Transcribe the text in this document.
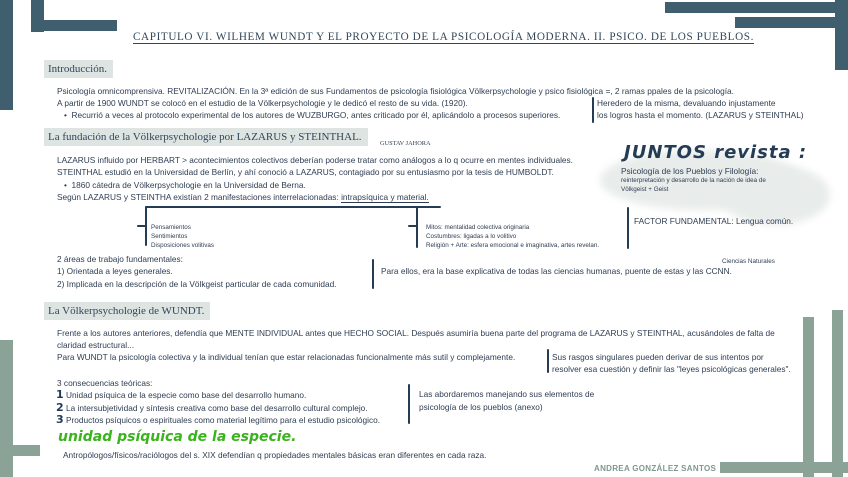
CAPITULO VI. WILHEM WUNDT Y EL PROYECTO DE LA PSICOLOGÍA MODERNA. II. PSICO. DE LOS PUEBLOS.
Introducción.
Psicología omnicomprensiva. REVITALIZACIÓN. En la 3ª edición de sus Fundamentos de psicología fisiológica Völkerpsychologie y psico fisiológica =, 2 ramas ppales de la psicología.
A partir de 1900 WUNDT se colocó en el estudio de la Völkerpsychologie y le dedicó el resto de su vida. (1920).
•  Recurrió a veces al protocolo experimental de los autores de WUZBURGO, antes criticado por él, aplicándolo a procesos superiores.
Heredero de la misma, devaluando injustamente
los logros hasta el momento. (LAZARUS y STEINTHAL)
La fundación de la Völkerpsychologie por LAZARUS y STEINTHAL.
GUSTAV JAHORA
LAZARUS influido por HERBART > acontecimientos colectivos deberían poderse tratar como análogos a lo q ocurre en mentes individuales.
STEINTHAL estudió en la Universidad de Berlín, y ahí conoció a LAZARUS, contagiado por su entusiasmo por la tesis de HUMBOLDT.
•  1860 cátedra de Völkerpsychologie en la Universidad de Berna.
Según LAZARUS y STEINTHA existían 2 manifestaciones interrelacionadas: intrapsíquica y material.
Pensamientos
Sentimientos
Disposiciones volitivas
Mitos: mentalidad colectiva originaria
Costumbres: ligadas a lo volitivo
Religión + Arte: esfera emocional e imaginativa, artes revelan.
2 áreas de trabajo fundamentales:
1) Orientada a leyes generales.
2) Implicada en la descripción de la Völkgeist particular de cada comunidad.
Para ellos, era la base explicativa de todas las ciencias humanas, puente de estas y las CCNN.
Ciencias Naturales
JUNTOS revista :
Psicología de los Pueblos y Filología:
reinterpretación y desarrollo de la nación de idea de
Völkgeist + Geist
FACTOR FUNDAMENTAL: Lengua común.
La Völkerpsychologie de WUNDT.
Frente a los autores anteriores, defendía que MENTE INDIVIDUAL antes que HECHO SOCIAL. Después asumiría buena parte del programa de LAZARUS y STEINTHAL, acusándoles de falta de
claridad estructural...
Para WUNDT la psicología colectiva y la individual tenían que estar relacionadas funcionalmente más sutil y complejamente.	Sus rasgos singulares pueden derivar de sus intentos por
resolver esa cuestión y definir las "leyes psicológicas generales".
3 consecuencias teóricas:
1 Unidad psíquica de la especie como base del desarrollo humano.
2 La intersubjetividad y síntesis creativa como base del desarrollo cultural complejo.
3 Productos psíquicos o espirituales como material legítimo para el estudio psicológico.
Las abordaremos manejando sus elementos de
psicología de los pueblos (anexo)
unidad psíquica de la especie.
Antropólogos/físicos/raciólogos del s. XIX defendían q propiedades mentales básicas eran diferentes en cada raza.
ANDREA GONZÁLEZ SANTOS
